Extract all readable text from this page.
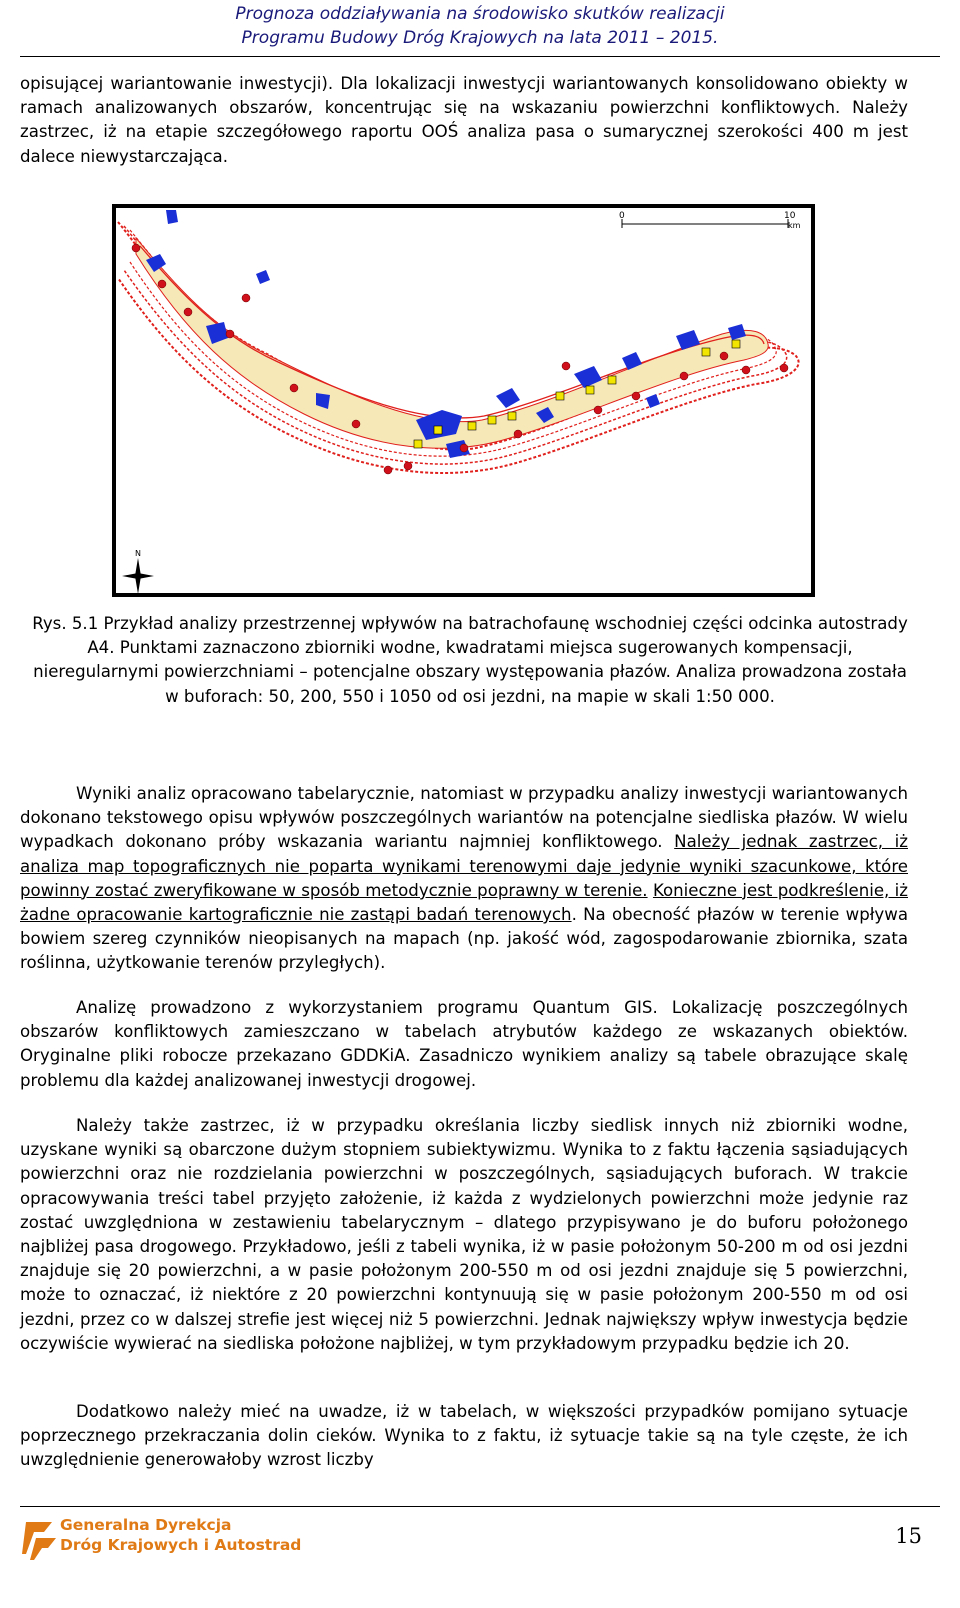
Prognoza oddziaływania na środowisko skutków realizacji
Programu Budowy Dróg Krajowych na lata 2011 – 2015.

opisującej wariantowanie inwestycji). Dla lokalizacji inwestycji wariantowanych konsolidowano obiekty w ramach analizowanych obszarów, koncentrując się na wskazaniu powierzchni konfliktowych. Należy zastrzec, iż na etapie szczegółowego raportu OOŚ analiza pasa o sumarycznej szerokości 400 m jest dalece niewystarczająca.

0	10
km
N

Rys. 5.1 Przykład analizy przestrzennej wpływów na batrachofaunę wschodniej części odcinka autostrady A4. Punktami zaznaczono zbiorniki wodne, kwadratami miejsca sugerowanych kompensacji, nieregularnymi powierzchniami – potencjalne obszary występowania płazów. Analiza prowadzona została w buforach: 50, 200, 550 i 1050 od osi jezdni, na mapie w skali 1:50 000.

Wyniki analiz opracowano tabelarycznie, natomiast w przypadku analizy inwestycji wariantowanych dokonano tekstowego opisu wpływów poszczególnych wariantów na potencjalne siedliska płazów. W wielu wypadkach dokonano próby wskazania wariantu najmniej konfliktowego. Należy jednak zastrzec, iż analiza map topograficznych nie poparta wynikami terenowymi daje jedynie wyniki szacunkowe, które powinny zostać zweryfikowane w sposób metodycznie poprawny w terenie. Konieczne jest podkreślenie, iż żadne opracowanie kartograficznie nie zastąpi badań terenowych. Na obecność płazów w terenie wpływa bowiem szereg czynników nieopisanych na mapach (np. jakość wód, zagospodarowanie zbiornika, szata roślinna, użytkowanie terenów przyległych).

Analizę prowadzono z wykorzystaniem programu Quantum GIS. Lokalizację poszczególnych obszarów konfliktowych zamieszczano w tabelach atrybutów każdego ze wskazanych obiektów. Oryginalne pliki robocze przekazano GDDKiA. Zasadniczo wynikiem analizy są tabele obrazujące skalę problemu dla każdej analizowanej inwestycji drogowej.

Należy także zastrzec, iż w przypadku określania liczby siedlisk innych niż zbiorniki wodne, uzyskane wyniki są obarczone dużym stopniem subiektywizmu. Wynika to z faktu łączenia sąsiadujących powierzchni oraz nie rozdzielania powierzchni w poszczególnych, sąsiadujących buforach. W trakcie opracowywania treści tabel przyjęto założenie, iż każda z wydzielonych powierzchni może jedynie raz zostać uwzględniona w zestawieniu tabelarycznym – dlatego przypisywano je do buforu położonego najbliżej pasa drogowego. Przykładowo, jeśli z tabeli wynika, iż w pasie położonym 50-200 m od osi jezdni znajduje się 20 powierzchni, a w pasie położonym 200-550 m od osi jezdni znajduje się 5 powierzchni, może to oznaczać, iż niektóre z 20 powierzchni kontynuują się w pasie położonym 200-550 m od osi jezdni, przez co w dalszej strefie jest więcej niż 5 powierzchni. Jednak największy wpływ inwestycja będzie oczywiście wywierać na siedliska położone najbliżej, w tym przykładowym przypadku będzie ich 20.

Dodatkowo należy mieć na uwadze, iż w tabelach, w większości przypadków pomijano sytuacje poprzecznego przekraczania dolin cieków. Wynika to z faktu, iż sytuacje takie są na tyle częste, że ich uwzględnienie generowałoby wzrost liczby

Generalna Dyrekcja
Dróg Krajowych i Autostrad	15
